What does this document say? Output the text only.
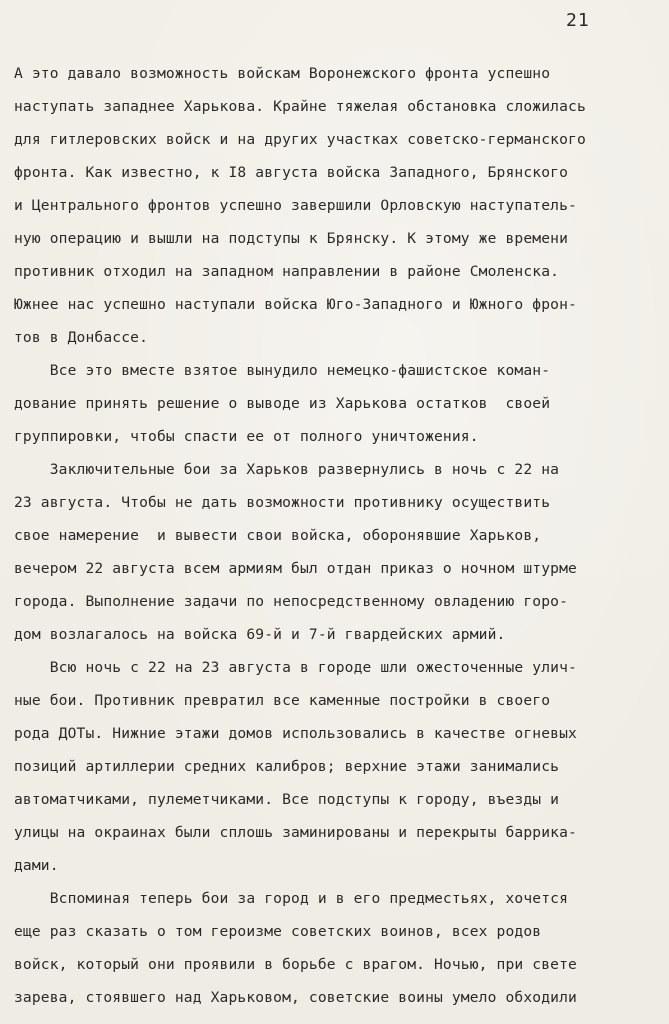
21
А это давало возможность войскам Воронежского фронта успешно
наступать западнее Харькова. Крайне тяжелая обстановка сложилась
для гитлеровских войск и на других участках советско-германского
фронта. Как известно, к I8 августа войска Западного, Брянского
и Центрального фронтов успешно завершили Орловскую наступатель-
ную операцию и вышли на подступы к Брянску. К этому же времени
противник отходил на западном направлении в районе Смоленска.
Южнее нас успешно наступали войска Юго-Западного и Южного фрон-
тов в Донбассе.
Все это вместе взятое вынудило немецко-фашистское коман-
дование принять решение о выводе из Харькова остатков  своей
группировки, чтобы спасти ее от полного уничтожения.
Заключительные бои за Харьков развернулись в ночь с 22 на
23 августа. Чтобы не дать возможности противнику осуществить
свое намерение  и вывести свои войска, оборонявшие Харьков,
вечером 22 августа всем армиям был отдан приказ о ночном штурме
города. Выполнение задачи по непосредственному овладению горо-
дом возлагалось на войска 69-й и 7-й гвардейских армий.
Всю ночь с 22 на 23 августа в городе шли ожесточенные улич-
ные бои. Противник превратил все каменные постройки в своего
рода ДОТы. Нижние этажи домов использовались в качестве огневых
позиций артиллерии средних калибров; верхние этажи занимались
автоматчиками, пулеметчиками. Все подступы к городу, въезды и
улицы на окраинах были сплошь заминированы и перекрыты баррика-
дами.
Вспоминая теперь бои за город и в его предместьях, хочется
еще раз сказать о том героизме советских воинов, всех родов
войск, который они проявили в борьбе с врагом. Ночью, при свете
зарева, стоявшего над Харьковом, советские воины умело обходили
